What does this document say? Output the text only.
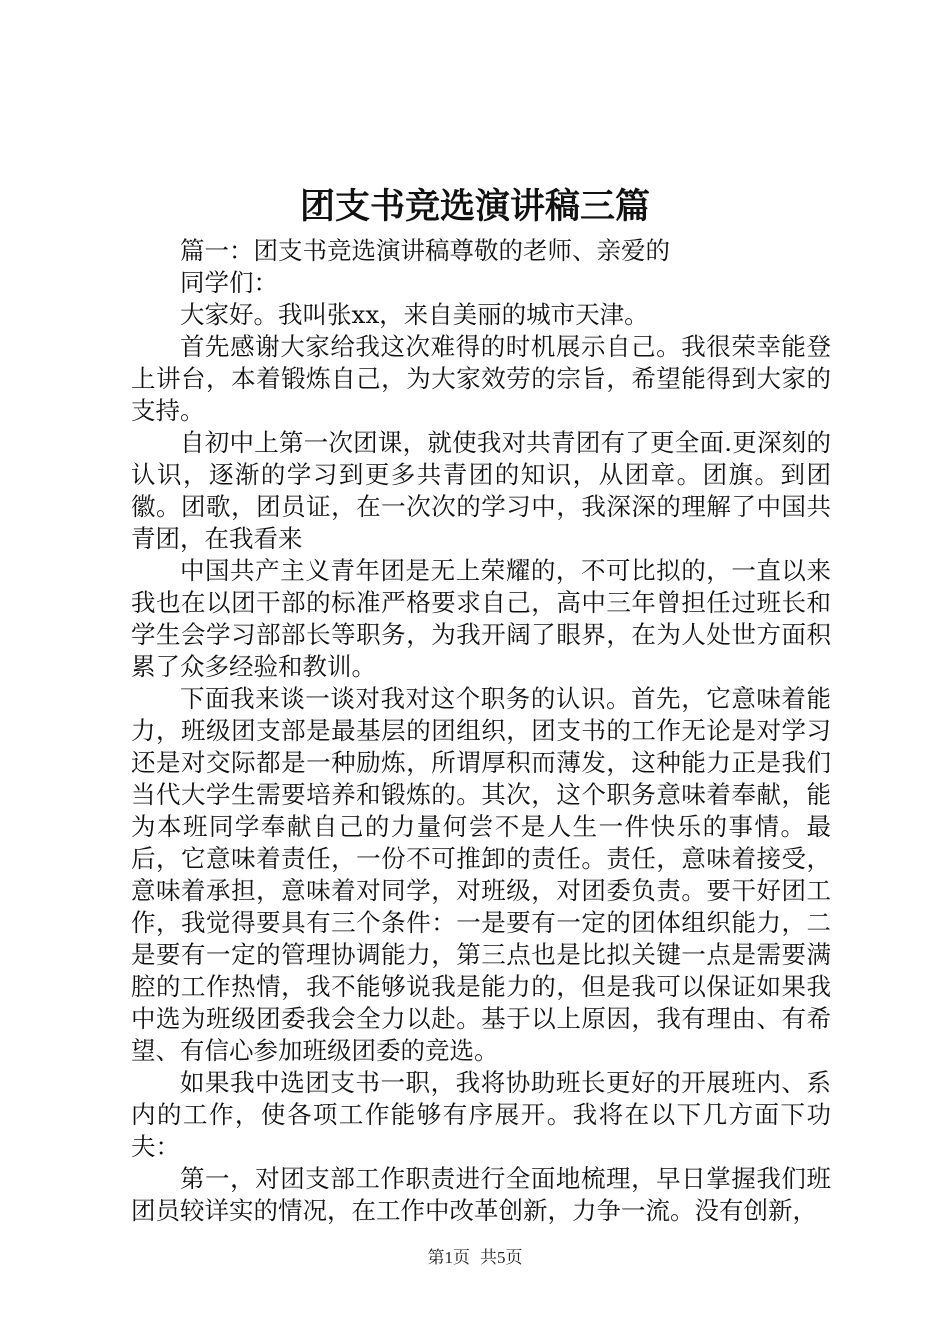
团支书竞选演讲稿三篇

篇一：团支书竞选演讲稿尊敬的老师、亲爱的

同学们：

大家好。我叫张xx，来自美丽的城市天津。

首先感谢大家给我这次难得的时机展示自己。我很荣幸能登上讲台，本着锻炼自己，为大家效劳的宗旨，希望能得到大家的支持。

自初中上第一次团课，就使我对共青团有了更全面.更深刻的认识，逐渐的学习到更多共青团的知识，从团章。团旗。到团徽。团歌，团员证，在一次次的学习中，我深深的理解了中国共青团，在我看来

中国共产主义青年团是无上荣耀的，不可比拟的，一直以来我也在以团干部的标准严格要求自己，高中三年曾担任过班长和学生会学习部部长等职务，为我开阔了眼界，在为人处世方面积累了众多经验和教训。

下面我来谈一谈对我对这个职务的认识。首先，它意味着能力，班级团支部是最基层的团组织，团支书的工作无论是对学习还是对交际都是一种励炼，所谓厚积而薄发，这种能力正是我们当代大学生需要培养和锻炼的。其次，这个职务意味着奉献，能为本班同学奉献自己的力量何尝不是人生一件快乐的事情。最后，它意味着责任，一份不可推卸的责任。责任，意味着接受，意味着承担，意味着对同学，对班级，对团委负责。要干好团工作，我觉得要具有三个条件：一是要有一定的团体组织能力，二是要有一定的管理协调能力，第三点也是比拟关键一点是需要满腔的工作热情，我不能够说我是能力的，但是我可以保证如果我中选为班级团委我会全力以赴。基于以上原因，我有理由、有希望、有信心参加班级团委的竞选。

如果我中选团支书一职，我将协助班长更好的开展班内、系内的工作，使各项工作能够有序展开。我将在以下几方面下功夫：

第一，对团支部工作职责进行全面地梳理，早日掌握我们班团员较详实的情况，在工作中改革创新，力争一流。没有创新，

第1页 共5页
